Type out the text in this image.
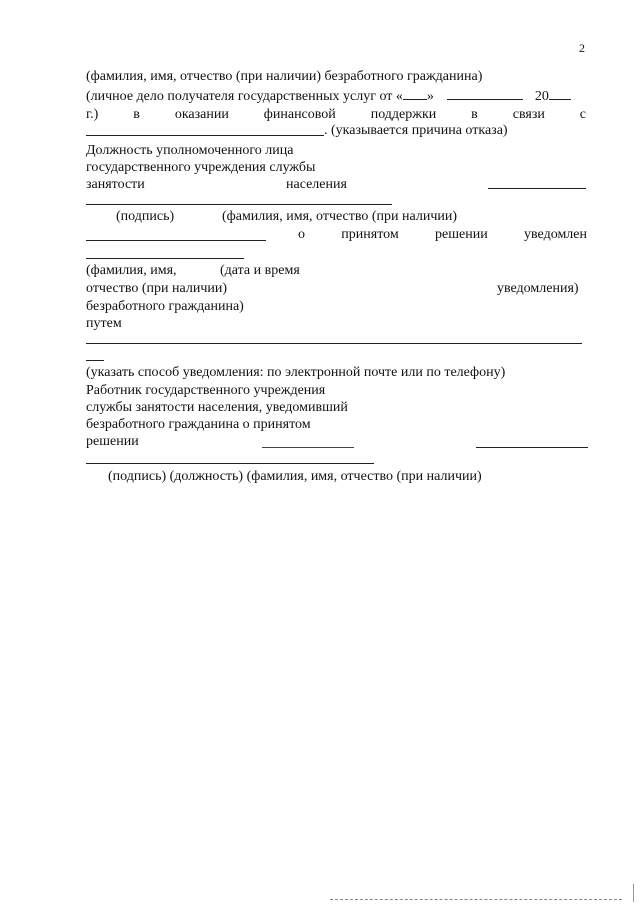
2
(фамилия, имя, отчество (при наличии) безработного гражданина)
(личное дело получателя государственных услуг от « »	20
г.) в оказании финансовой поддержки в связи с
. (указывается причина отказа)
Должность уполномоченного лица
государственного учреждения службы
занятости	населения
(подпись)	(фамилия, имя, отчество (при наличии)
о	принятом	решении	уведомлен
(фамилия, имя,	(дата и время
отчество (при наличии)	уведомления)
безработного гражданина)
путем
(указать способ уведомления: по электронной почте или по телефону)
Работник государственного учреждения
службы занятости населения, уведомивший
безработного гражданина о принятом
решении
(подпись) (должность) (фамилия, имя, отчество (при наличии)
